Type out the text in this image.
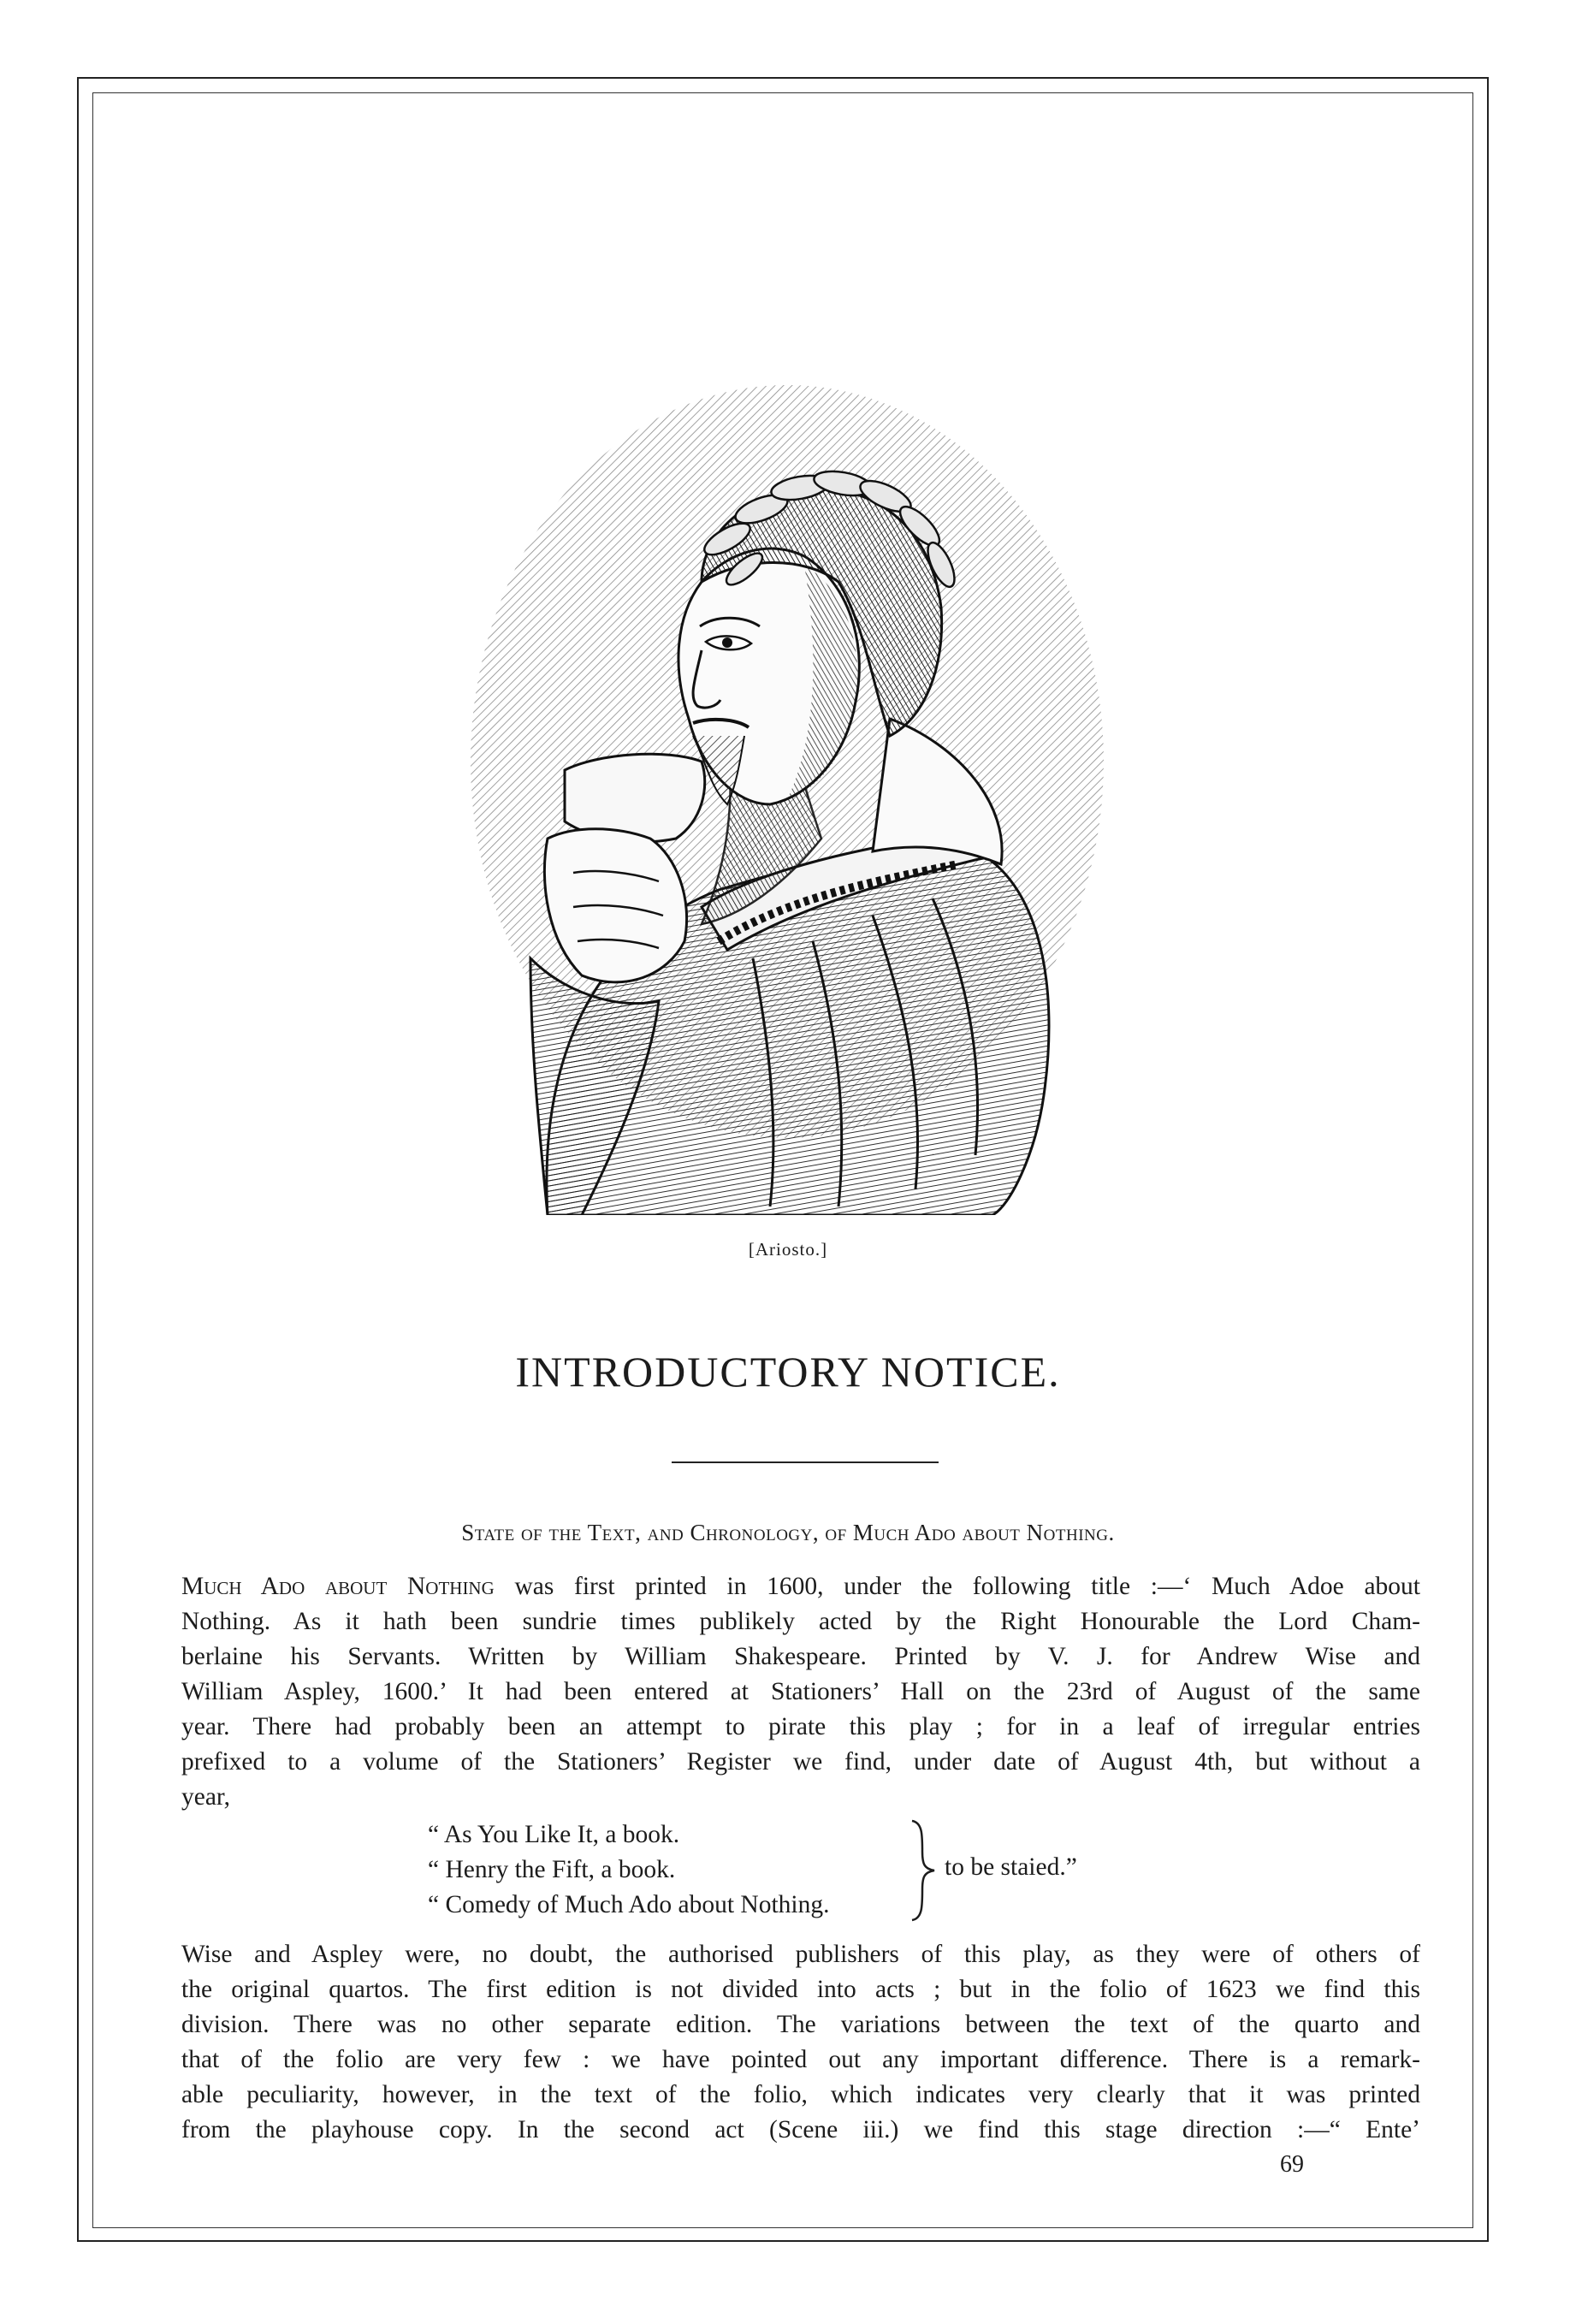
[Ariosto.]
INTRODUCTORY NOTICE.
State of the Text, and Chronology, of Much Ado about Nothing.

Much Ado about Nothing was first printed in 1600, under the following title :—‘ Much Adoe about
Nothing. As it hath been sundrie times publikely acted by the Right Honourable the Lord Cham-
berlaine his Servants. Written by William Shakespeare. Printed by V. J. for Andrew Wise and
William Aspley, 1600.’ It had been entered at Stationers’ Hall on the 23rd of August of the same
year. There had probably been an attempt to pirate this play ; for in a leaf of irregular entries
prefixed to a volume of the Stationers’ Register we find, under date of August 4th, but without a
year,

“ As You Like It, a book.
“ Henry the Fift, a book.
“ Comedy of Much Ado about Nothing.
to be staied.”

Wise and Aspley were, no doubt, the authorised publishers of this play, as they were of others of
the original quartos. The first edition is not divided into acts ; but in the folio of 1623 we find this
division. There was no other separate edition. The variations between the text of the quarto and
that of the folio are very few : we have pointed out any important difference. There is a remark-
able peculiarity, however, in the text of the folio, which indicates very clearly that it was printed
from the playhouse copy. In the second act (Scene iii.) we find this stage direction :—“ Enteʼ

69
